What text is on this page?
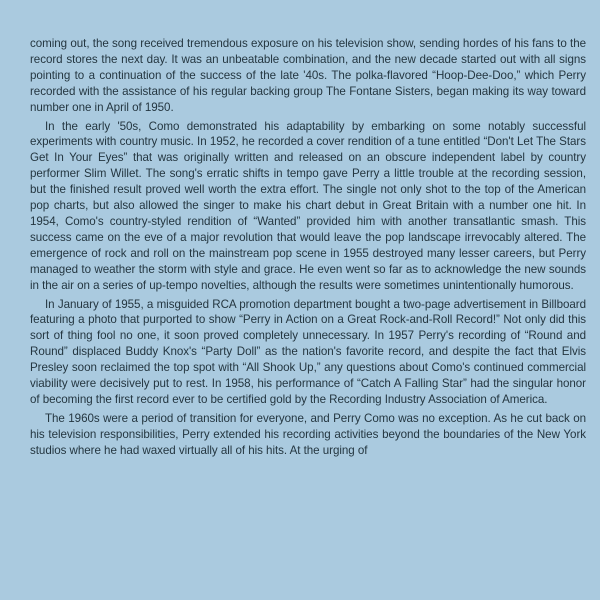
coming out, the song received tremendous exposure on his television show, sending hordes of his fans to the record stores the next day. It was an unbeatable combination, and the new decade started out with all signs pointing to a continuation of the success of the late '40s. The polka-flavored “Hoop-Dee-Doo,” which Perry recorded with the assistance of his regular backing group The Fontane Sisters, began making its way toward number one in April of 1950.

In the early '50s, Como demonstrated his adaptability by embarking on some notably successful experiments with country music. In 1952, he recorded a cover rendition of a tune entitled “Don't Let The Stars Get In Your Eyes” that was originally written and released on an obscure independent label by country performer Slim Willet. The song's erratic shifts in tempo gave Perry a little trouble at the recording session, but the finished result proved well worth the extra effort. The single not only shot to the top of the American pop charts, but also allowed the singer to make his chart debut in Great Britain with a number one hit. In 1954, Como's country-styled rendition of “Wanted” provided him with another transatlantic smash. This success came on the eve of a major revolution that would leave the pop landscape irrevocably altered. The emergence of rock and roll on the mainstream pop scene in 1955 destroyed many lesser careers, but Perry managed to weather the storm with style and grace. He even went so far as to acknowledge the new sounds in the air on a series of up-tempo novelties, although the results were sometimes unintentionally humorous.

In January of 1955, a misguided RCA promotion department bought a two-page advertisement in Billboard featuring a photo that purported to show “Perry in Action on a Great Rock-and-Roll Record!” Not only did this sort of thing fool no one, it soon proved completely unnecessary. In 1957 Perry's recording of “Round and Round” displaced Buddy Knox's “Party Doll” as the nation's favorite record, and despite the fact that Elvis Presley soon reclaimed the top spot with “All Shook Up,” any questions about Como's continued commercial viability were decisively put to rest. In 1958, his performance of “Catch A Falling Star” had the singular honor of becoming the first record ever to be certified gold by the Recording Industry Association of America.

The 1960s were a period of transition for everyone, and Perry Como was no exception. As he cut back on his television responsibilities, Perry extended his recording activities beyond the boundaries of the New York studios where he had waxed virtually all of his hits. At the urging of
